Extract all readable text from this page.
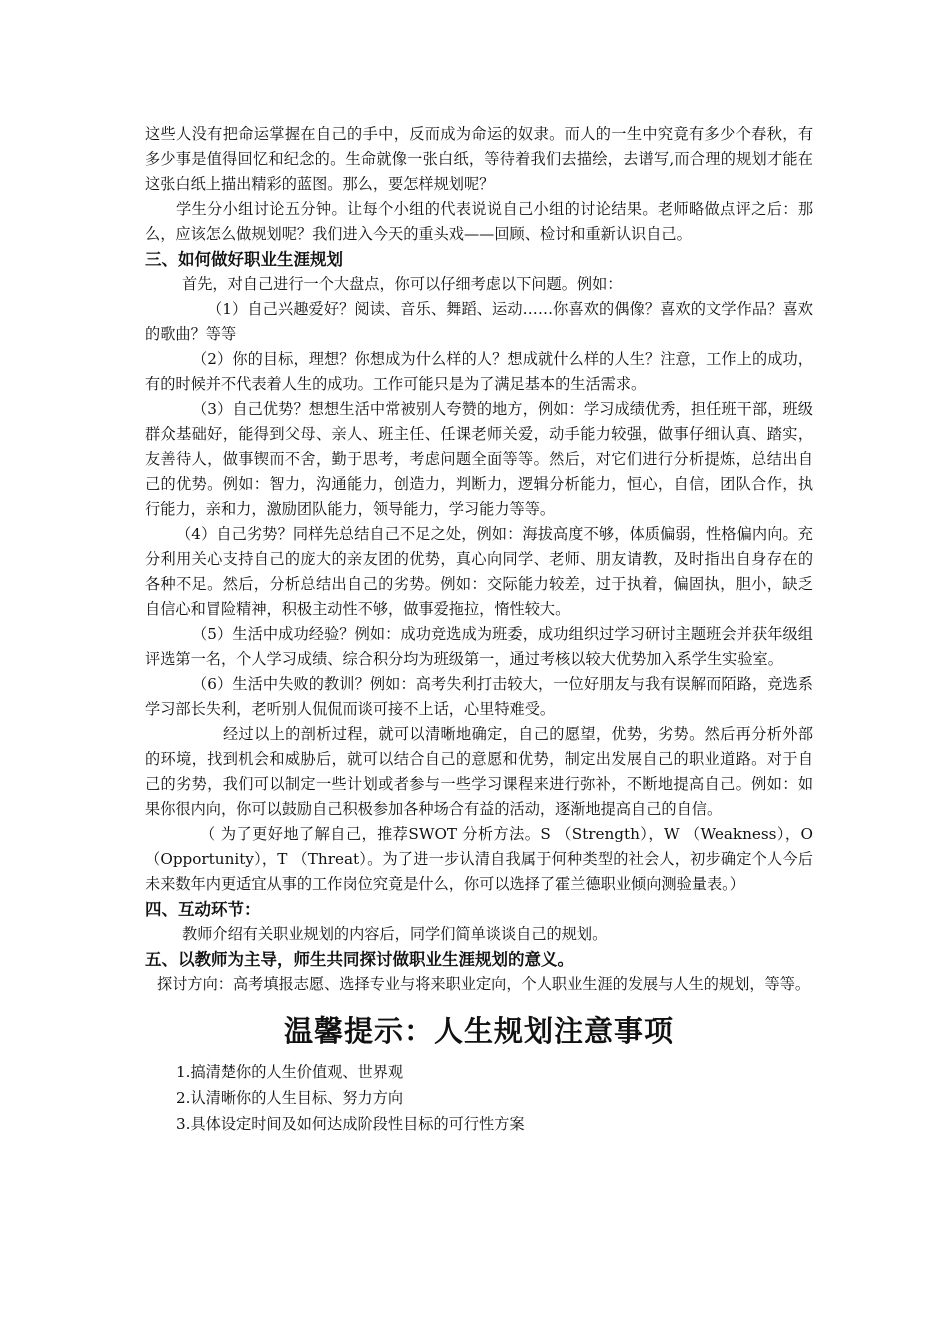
这些人没有把命运掌握在自己的手中，反而成为命运的奴隶。而人的一生中究竟有多少个春秋，有多少事是值得回忆和纪念的。生命就像一张白纸，等待着我们去描绘，去谱写,而合理的规划才能在这张白纸上描出精彩的蓝图。那么，要怎样规划呢？

学生分小组讨论五分钟。让每个小组的代表说说自己小组的讨论结果。老师略做点评之后：那么，应该怎么做规划呢？我们进入今天的重头戏——回顾、检讨和重新认识自己。

三、如何做好职业生涯规划

首先，对自己进行一个大盘点，你可以仔细考虑以下问题。例如：

（1）自己兴趣爱好？阅读、音乐、舞蹈、运动……你喜欢的偶像？喜欢的文学作品？喜欢的歌曲？等等

（2）你的目标，理想？你想成为什么样的人？想成就什么样的人生？注意，工作上的成功，有的时候并不代表着人生的成功。工作可能只是为了满足基本的生活需求。

（3）自己优势？想想生活中常被别人夸赞的地方，例如：学习成绩优秀，担任班干部，班级群众基础好，能得到父母、亲人、班主任、任课老师关爱，动手能力较强，做事仔细认真、踏实，友善待人，做事锲而不舍，勤于思考，考虑问题全面等等。然后，对它们进行分析提炼，总结出自己的优势。例如：智力，沟通能力，创造力，判断力，逻辑分析能力，恒心，自信，团队合作，执行能力，亲和力，激励团队能力，领导能力，学习能力等等。

（4）自己劣势？同样先总结自己不足之处，例如：海拔高度不够，体质偏弱，性格偏内向。充分利用关心支持自己的庞大的亲友团的优势，真心向同学、老师、朋友请教，及时指出自身存在的各种不足。然后，分析总结出自己的劣势。例如：交际能力较差，过于执着，偏固执，胆小，缺乏自信心和冒险精神，积极主动性不够，做事爱拖拉，惰性较大。

（5）生活中成功经验？例如：成功竞选成为班委，成功组织过学习研讨主题班会并获年级组评选第一名，个人学习成绩、综合积分均为班级第一，通过考核以较大优势加入系学生实验室。

（6）生活中失败的教训？例如：高考失利打击较大，一位好朋友与我有误解而陌路，竞选系学习部长失利，老听别人侃侃而谈可接不上话，心里特难受。

经过以上的剖析过程，就可以清晰地确定，自己的愿望，优势，劣势。然后再分析外部的环境，找到机会和威胁后，就可以结合自己的意愿和优势，制定出发展自己的职业道路。对于自己的劣势，我们可以制定一些计划或者参与一些学习课程来进行弥补，不断地提高自己。例如：如果你很内向，你可以鼓励自己积极参加各种场合有益的活动，逐渐地提高自己的自信。

（ 为了更好地了解自己，推荐SWOT 分析方法。S （Strength），W （Weakness），O （Opportunity），T （Threat）。为了进一步认清自我属于何种类型的社会人，初步确定个人今后未来数年内更适宜从事的工作岗位究竟是什么，你可以选择了霍兰德职业倾向测验量表。）

四、互动环节：

教师介绍有关职业规划的内容后，同学们简单谈谈自己的规划。

五、以教师为主导，师生共同探讨做职业生涯规划的意义。

探讨方向：高考填报志愿、选择专业与将来职业定向，个人职业生涯的发展与人生的规划，等等。

温馨提示：人生规划注意事项
1.搞清楚你的人生价值观、世界观
2.认清晰你的人生目标、努力方向
3.具体设定时间及如何达成阶段性目标的可行性方案
